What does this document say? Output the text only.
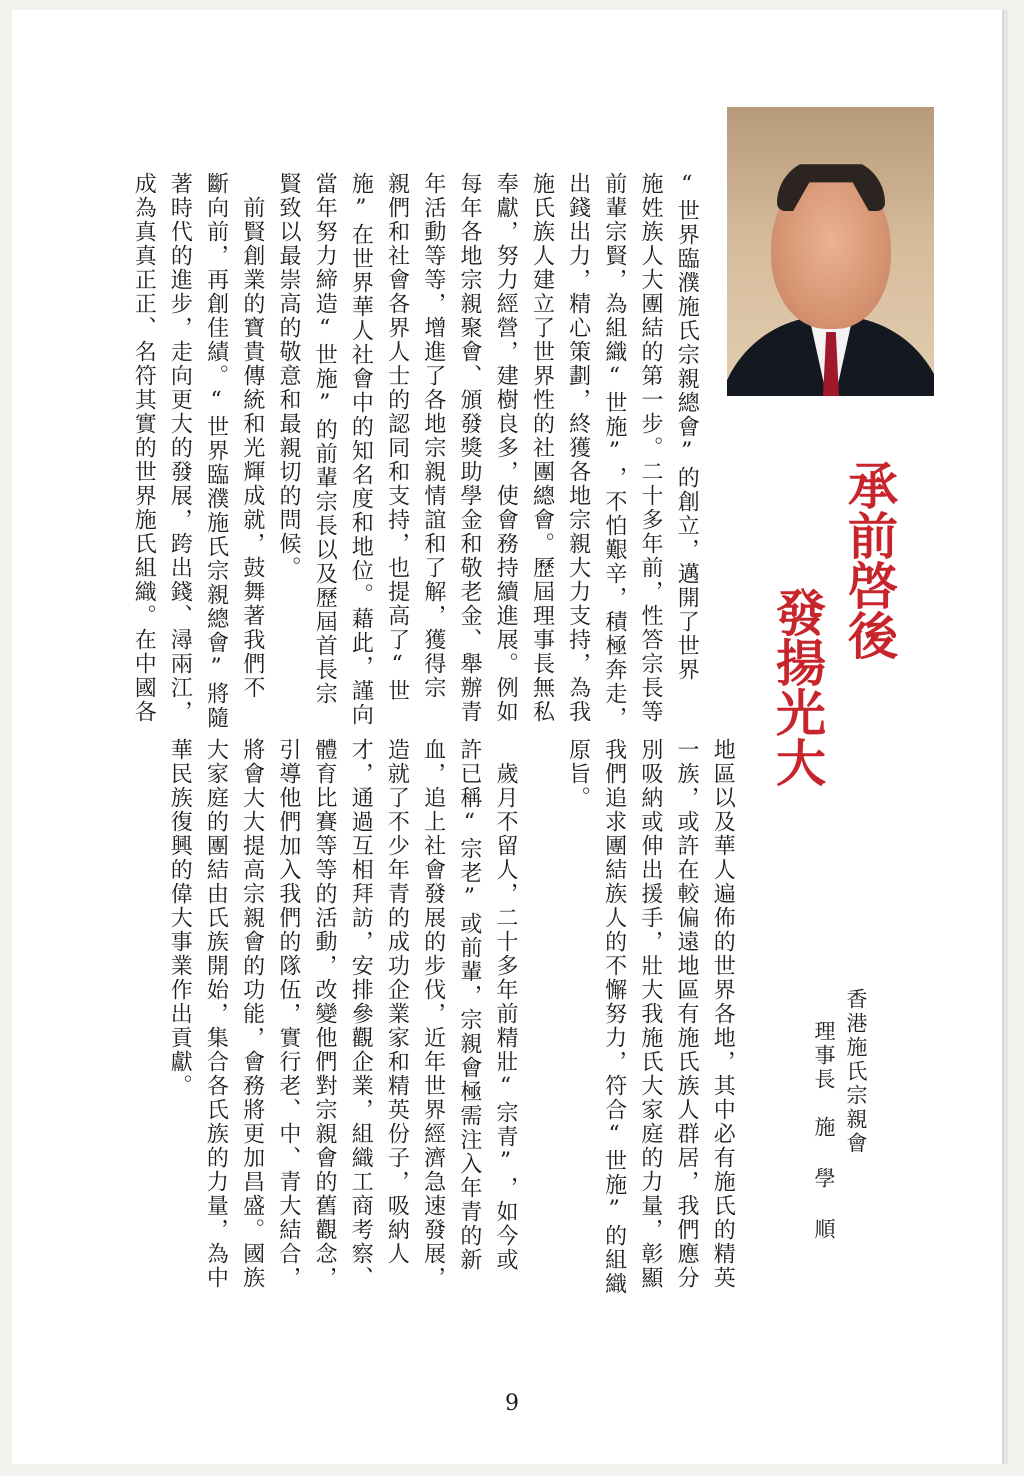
承前啓後
發揚光大
“世界臨濮施氏宗親總會”的創立，邁開了世界
施姓族人大團結的第一步。二十多年前，性答宗長等
前輩宗賢，為組織“世施”，不怕艱辛，積極奔走，
出錢出力，精心策劃，終獲各地宗親大力支持，為我
施氏族人建立了世界性的社團總會。歷屆理事長無私
奉獻，努力經營，建樹良多，使會務持續進展。例如
每年各地宗親聚會、頒發獎助學金和敬老金、舉辦青
年活動等等，增進了各地宗親情誼和了解，獲得宗
親們和社會各界人士的認同和支持，也提高了“世
施”在世界華人社會中的知名度和地位。藉此，謹向
當年努力締造“世施”的前輩宗長以及歷屆首長宗
賢致以最崇高的敬意和最親切的問候。
　前賢創業的寶貴傳統和光輝成就，鼓舞著我們不
斷向前，再創佳績。“世界臨濮施氏宗親總會”將隨
著時代的進步，走向更大的發展，跨出錢、潯兩江，
成為真真正正、名符其實的世界施氏組織。在中國各
地區以及華人遍佈的世界各地，其中必有施氏的精英
一族，或許在較偏遠地區有施氏族人群居，我們應分
別吸納或伸出援手，壯大我施氏大家庭的力量，彰顯
我們追求團結族人的不懈努力，符合“世施”的組織
原旨。

　歲月不留人，二十多年前精壯“宗青”，如今或
許已稱“宗老”或前輩，宗親會極需注入年青的新
血，追上社會發展的步伐，近年世界經濟急速發展，
造就了不少年青的成功企業家和精英份子，吸納人
才，通過互相拜訪，安排參觀企業，組織工商考察、
體育比賽等等的活動，改變他們對宗親會的舊觀念，
引導他們加入我們的隊伍，實行老、中、青大結合，
將會大大提高宗親會的功能，會務將更加昌盛。國族
大家庭的團結由氏族開始，集合各氏族的力量，為中
華民族復興的偉大事業作出貢獻。	香港施氏宗親會
理事長　施 學 順
9
